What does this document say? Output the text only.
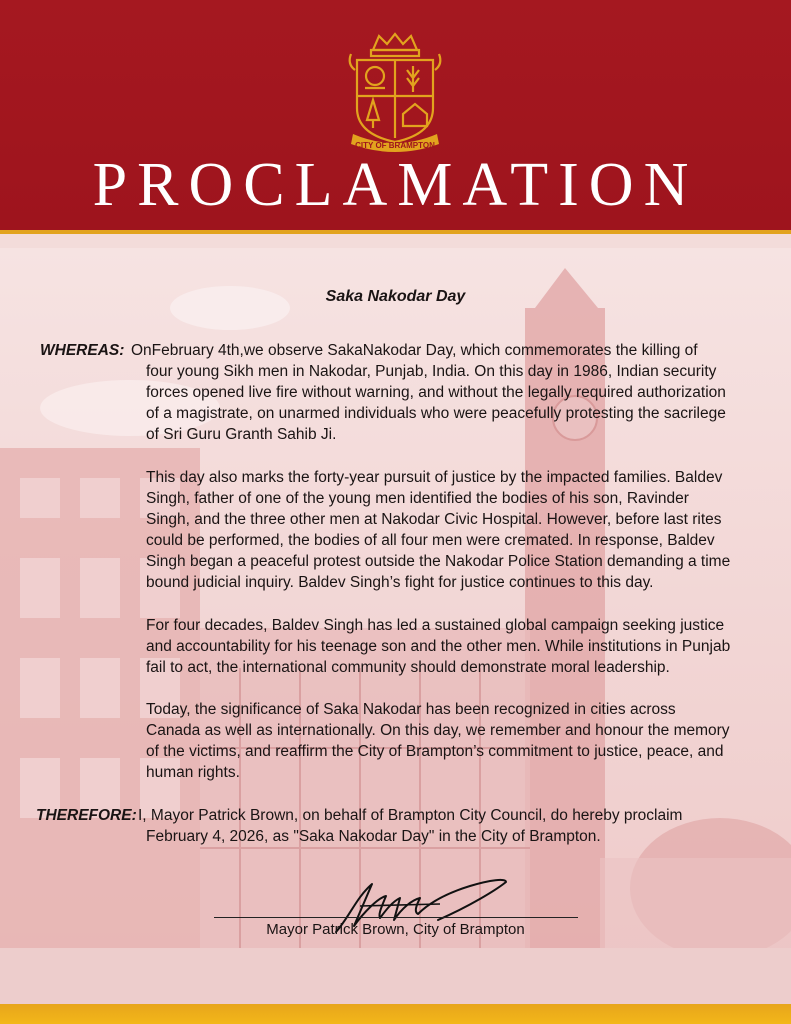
CITY OF BRAMPTON
PROCLAMATION
Saka Nakodar Day
WHEREAS: OnFebruary 4th,we observe SakaNakodar Day, which commemorates the killing of
four young Sikh men in Nakodar, Punjab, India. On this day in 1986, Indian security
forces opened live fire without warning, and without the legally required authorization
of a magistrate, on unarmed individuals who were peacefully protesting the sacrilege
of Sri Guru Granth Sahib Ji.
This day also marks the forty-year pursuit of justice by the impacted families. Baldev
Singh, father of one of the young men identified the bodies of his son, Ravinder
Singh, and the three other men at Nakodar Civic Hospital. However, before last rites
could be performed, the bodies of all four men were cremated. In response, Baldev
Singh began a peaceful protest outside the Nakodar Police Station demanding a time
bound judicial inquiry. Baldev Singh’s fight for justice continues to this day.
For four decades, Baldev Singh has led a sustained global campaign seeking justice
and accountability for his teenage son and the other men. While institutions in Punjab
fail to act, the international community should demonstrate moral leadership.
Today, the significance of Saka Nakodar has been recognized in cities across
Canada as well as internationally. On this day, we remember and honour the memory
of the victims, and reaffirm the City of Brampton’s commitment to justice, peace, and
human rights.
THEREFORE: I, Mayor Patrick Brown, on behalf of Brampton City Council, do hereby proclaim
February 4, 2026, as "Saka Nakodar Day" in the City of Brampton.
Mayor Patrick Brown, City of Brampton
